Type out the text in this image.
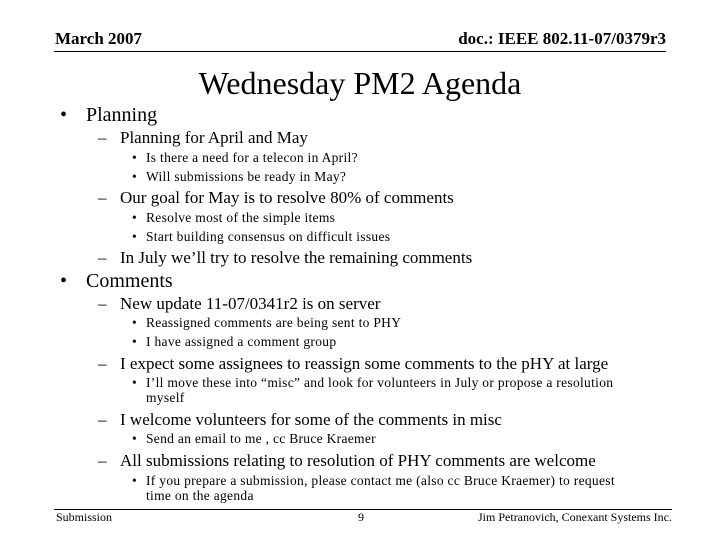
March 2007	doc.: IEEE 802.11-07/0379r3
Wednesday PM2 Agenda
• Planning
– Planning for April and May
• Is there a need for a telecon in April?
• Will submissions be ready in May?
– Our goal for May is to resolve 80% of comments
• Resolve most of the simple items
• Start building consensus on difficult issues
– In July we’ll try to resolve the remaining comments
• Comments
– New update 11-07/0341r2 is on server
• Reassigned comments are being sent to PHY
• I have assigned a comment group
– I expect some assignees to reassign some comments to the pHY at large
• I’ll move these into “misc” and look for volunteers in July or propose a resolution myself
– I welcome volunteers for some of the comments in misc
• Send an email to me , cc Bruce Kraemer
– All submissions relating to resolution of PHY comments are welcome
• If you prepare a submission, please contact me (also cc Bruce Kraemer) to request time on the agenda
Submission	9	Jim Petranovich, Conexant Systems Inc.
